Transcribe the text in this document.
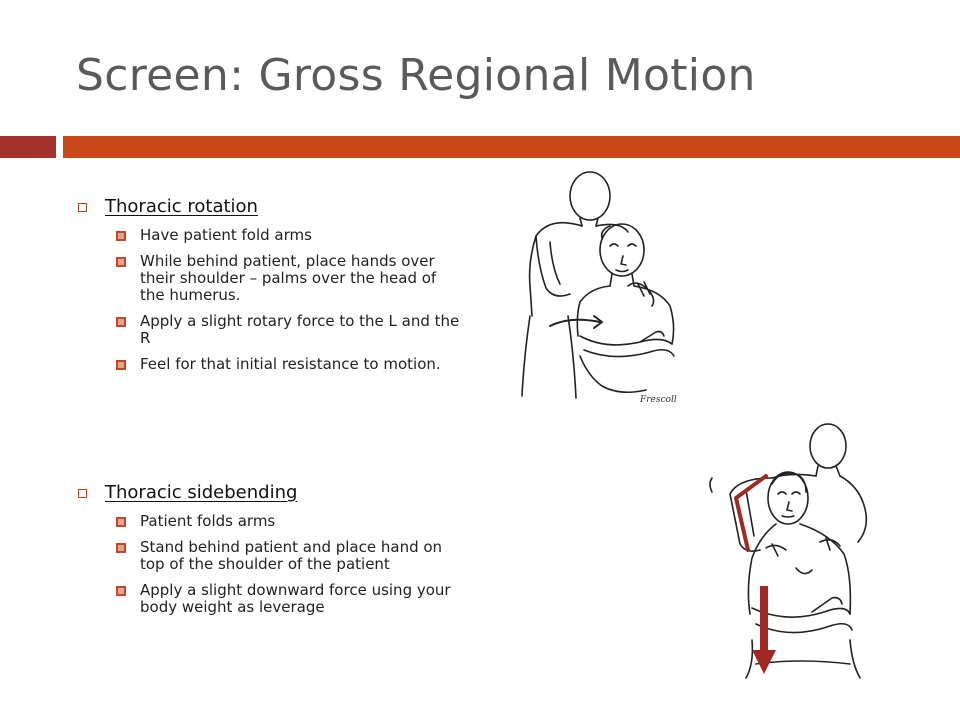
Screen: Gross Regional Motion
Thoracic rotation
Have patient fold arms
While behind patient, place hands over their shoulder – palms over the head of the humerus.
Apply a slight rotary force to the L and the R
Feel for that initial resistance to motion.
Thoracic sidebending
Patient folds arms
Stand behind patient and place hand on top of the shoulder of the patient
Apply a slight downward force using your body weight as leverage
Frescoll
